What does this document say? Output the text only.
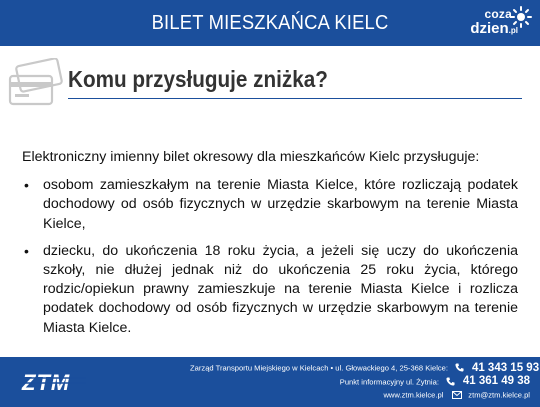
BILET MIESZKAŃCA KIELC	coza
dzien.pl
Komu przysługuje zniżka?

Elektroniczny imienny bilet okresowy dla mieszkańców Kielc przysługuje:

• osobom zamieszkałym na terenie Miasta Kielce, które rozliczają podatek dochodowy od osób fizycznych w urzędzie skarbowym na terenie Miasta Kielce,
• dziecku, do ukończenia 18 roku życia, a jeżeli się uczy do ukończenia szkoły, nie dłużej jednak niż do ukończenia 25 roku życia, którego rodzic/opiekun prawny zamieszkuje na terenie Miasta Kielce i rozlicza podatek dochodowy od osób fizycznych w urzędzie skarbowym na terenie Miasta Kielce.
ZTM
Zarząd Transportu Miejskiego w Kielcach • ul. Głowackiego 4, 25-368 Kielce: 41 343 15 93
Punkt informacyjny ul. Żytnia: 41 361 49 38
www.ztm.kielce.pl	ztm@ztm.kielce.pl
